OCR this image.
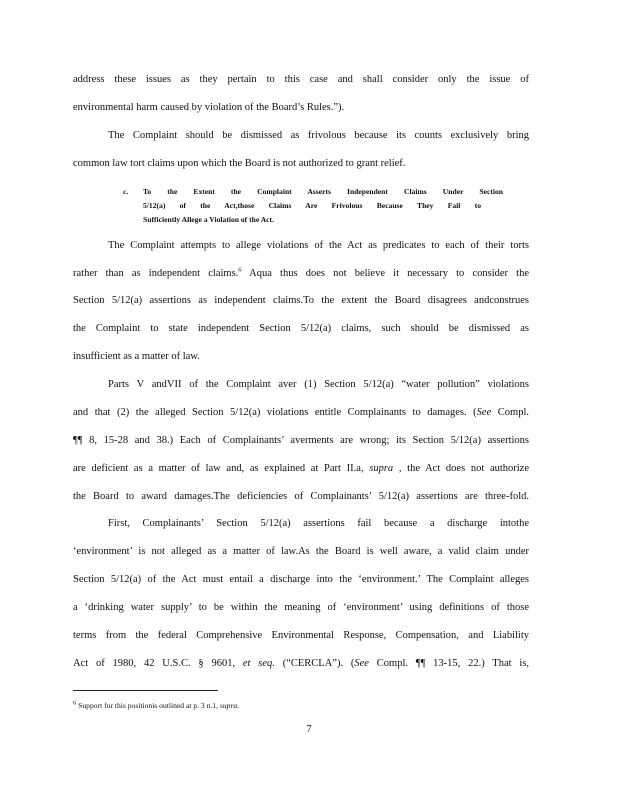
address these issues as they pertain to this case and shall consider only the issue of
environmental harm caused by violation of the Board’s Rules.”).
The Complaint should be dismissed as frivolous because its counts exclusively bring
common law tort claims upon which the Board is not authorized to grant relief.
c. To the Extent the Complaint Asserts Independent Claims Under Section
5/12(a) of the Act,those Claims Are Frivolous Because They Fail to
Sufficiently Allege a Violation of the Act.
The Complaint attempts to allege violations of the Act as predicates to each of their torts
rather than as independent claims.$^6$ Aqua thus does not believe it necessary to consider the
Section 5/12(a) assertions as independent claims.To the extent the Board disagrees andconstrues
the Complaint to state independent Section 5/12(a) claims, such should be dismissed as
insufficient as a matter of law.
Parts V andVII of the Complaint aver (1) Section 5/12(a) “water pollution” violations
and that (2) the alleged Section 5/12(a) violations entitle Complainants to damages. (See Compl.
¶¶ 8, 15-28 and 38.) Each of Complainants’ averments are wrong; its Section 5/12(a) assertions
are deficient as a matter of law and, as explained at Part II.a, supra , the Act does not authorize
the Board to award damages.The deficiencies of Complainants’ 5/12(a) assertions are three-fold.
First, Complainants’ Section 5/12(a) assertions fail because a discharge intothe
‘environment’ is not alleged as a matter of law.As the Board is well aware, a valid claim under
Section 5/12(a) of the Act must entail a discharge into the ‘environment.’ The Complaint alleges
a ‘drinking water supply’ to be within the meaning of ‘environment’ using definitions of those
terms from the federal Comprehensive Environmental Response, Compensation, and Liability
Act of 1980, 42 U.S.C. § 9601, et seq. (“CERCLA”). (See Compl. ¶¶ 13-15, 22.) That is,
$^6$ Support for this positionis outlined at p. 3 n.1, supra.
7
